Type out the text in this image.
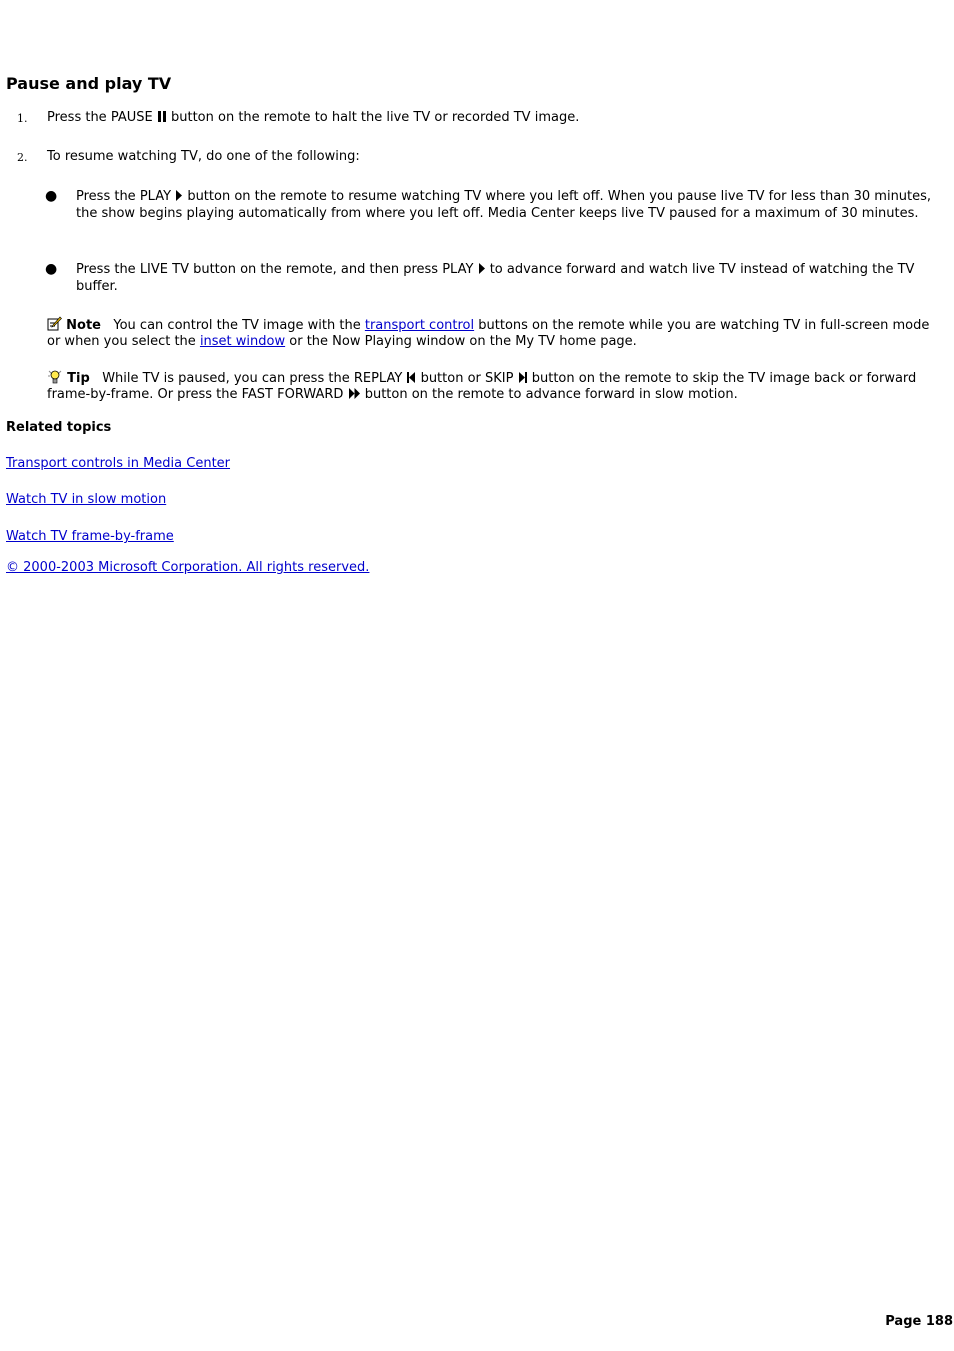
Pause and play TV
1. Press the PAUSE button on the remote to halt the live TV or recorded TV image.
2. To resume watching TV, do one of the following:
● Press the PLAY button on the remote to resume watching TV where you left off. When you pause live TV for less than 30 minutes, the show begins playing automatically from where you left off. Media Center keeps live TV paused for a maximum of 30 minutes.
● Press the LIVE TV button on the remote, and then press PLAY to advance forward and watch live TV instead of watching the TV buffer.
Note You can control the TV image with the transport control buttons on the remote while you are watching TV in full-screen mode or when you select the inset window or the Now Playing window on the My TV home page.
Tip While TV is paused, you can press the REPLAY button or SKIP button on the remote to skip the TV image back or forward frame-by-frame. Or press the FAST FORWARD button on the remote to advance forward in slow motion.
Related topics
Transport controls in Media Center
Watch TV in slow motion
Watch TV frame-by-frame
© 2000-2003 Microsoft Corporation. All rights reserved.
Page 188
